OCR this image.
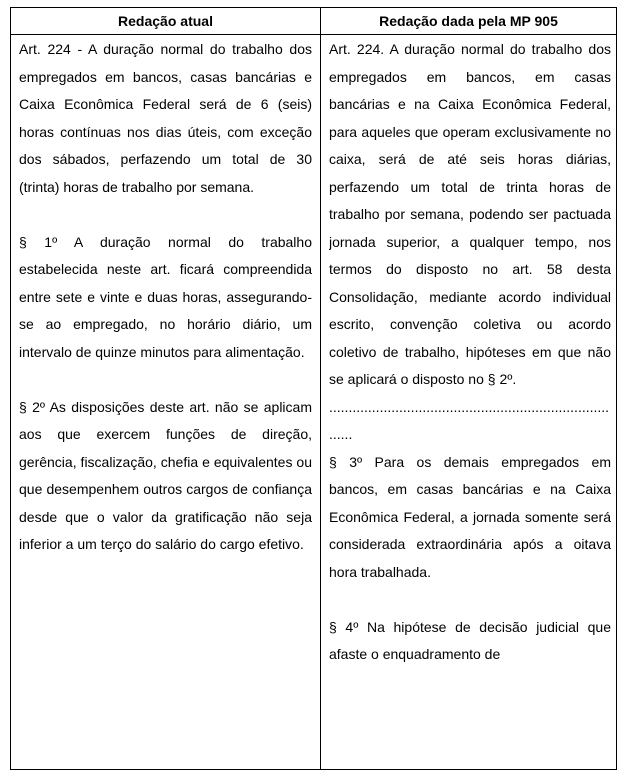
Redação atual	Redação dada pela MP 905

Art. 224 - A duração normal do trabalho dos empregados em bancos, casas bancárias e Caixa Econômica Federal será de 6 (seis) horas contínuas nos dias úteis, com exceção dos sábados, perfazendo um total de 30 (trinta) horas de trabalho por semana.

§ 1º A duração normal do trabalho estabelecida neste art. ficará compreendida entre sete e vinte e duas horas, assegurando-se ao empregado, no horário diário, um intervalo de quinze minutos para alimentação.

§ 2º As disposições deste art. não se aplicam aos que exercem funções de direção, gerência, fiscalização, chefia e equivalentes ou que desempenhem outros cargos de confiança desde que o valor da gratificação não seja inferior a um terço do salário do cargo efetivo.

Art. 224. A duração normal do trabalho dos empregados em bancos, em casas bancárias e na Caixa Econômica Federal, para aqueles que operam exclusivamente no caixa, será de até seis horas diárias, perfazendo um total de trinta horas de trabalho por semana, podendo ser pactuada jornada superior, a qualquer tempo, nos termos do disposto no art. 58 desta Consolidação, mediante acordo individual escrito, convenção coletiva ou acordo coletivo de trabalho, hipóteses em que não se aplicará o disposto no § 2º.

........................................................................

......

§ 3º Para os demais empregados em bancos, em casas bancárias e na Caixa Econômica Federal, a jornada somente será considerada extraordinária após a oitava hora trabalhada.

§ 4º Na hipótese de decisão judicial que afaste o enquadramento de
